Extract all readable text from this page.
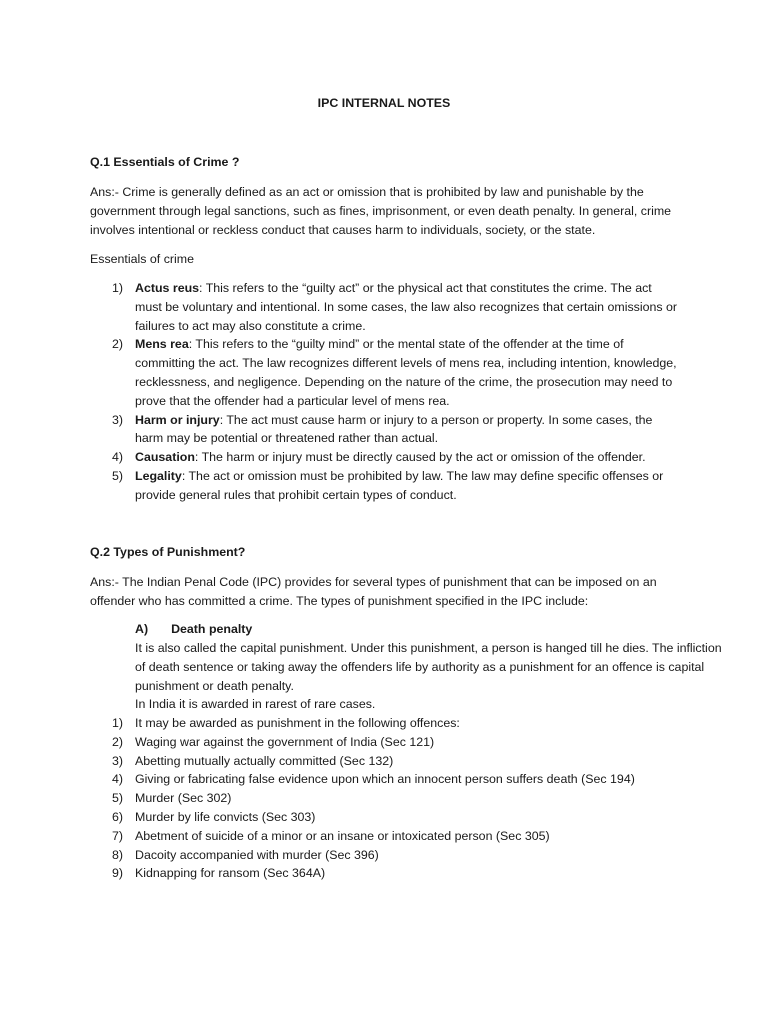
IPC INTERNAL NOTES
Q.1 Essentials of Crime ?

Ans:- Crime is generally defined as an act or omission that is prohibited by law and punishable by the government through legal sanctions, such as fines, imprisonment, or even death penalty. In general, crime involves intentional or reckless conduct that causes harm to individuals, society, or the state.

Essentials of crime

1) Actus reus: This refers to the “guilty act” or the physical act that constitutes the crime. The act must be voluntary and intentional. In some cases, the law also recognizes that certain omissions or failures to act may also constitute a crime.
2) Mens rea: This refers to the “guilty mind” or the mental state of the offender at the time of committing the act. The law recognizes different levels of mens rea, including intention, knowledge, recklessness, and negligence. Depending on the nature of the crime, the prosecution may need to prove that the offender had a particular level of mens rea.
3) Harm or injury: The act must cause harm or injury to a person or property. In some cases, the harm may be potential or threatened rather than actual.
4) Causation: The harm or injury must be directly caused by the act or omission of the offender.
5) Legality: The act or omission must be prohibited by law. The law may define specific offenses or provide general rules that prohibit certain types of conduct.
Q.2 Types of Punishment?

Ans:- The Indian Penal Code (IPC) provides for several types of punishment that can be imposed on an offender who has committed a crime. The types of punishment specified in the IPC include:

A) Death penalty

It is also called the capital punishment. Under this punishment, a person is hanged till he dies. The infliction of death sentence or taking away the offenders life by authority as a punishment for an offence is capital punishment or death penalty.

In India it is awarded in rarest of rare cases.

1) It may be awarded as punishment in the following offences:
2) Waging war against the government of India (Sec 121)
3) Abetting mutually actually committed (Sec 132)
4) Giving or fabricating false evidence upon which an innocent person suffers death (Sec 194)
5) Murder (Sec 302)
6) Murder by life convicts (Sec 303)
7) Abetment of suicide of a minor or an insane or intoxicated person (Sec 305)
8) Dacoity accompanied with murder (Sec 396)
9) Kidnapping for ransom (Sec 364A)
